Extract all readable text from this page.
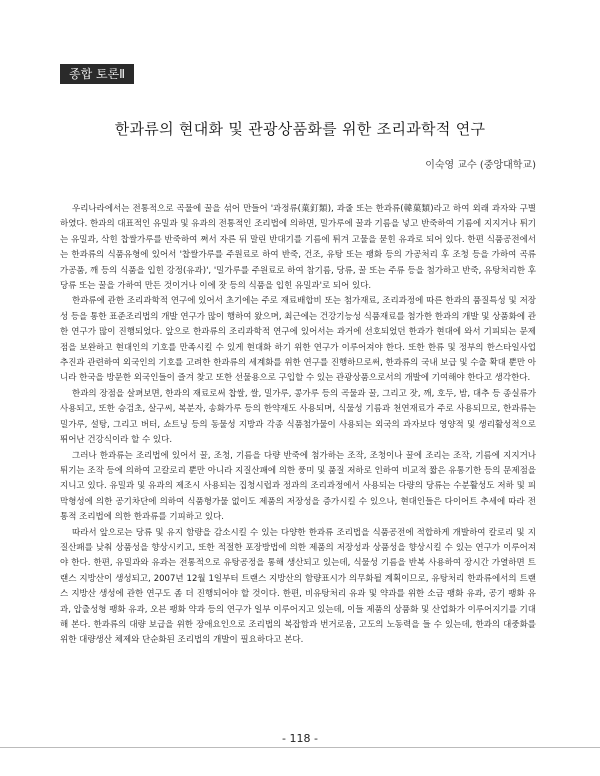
종합 토론Ⅱ
한과류의 현대화 및 관광상품화를 위한 조리과학적 연구
이숙영 교수 (중앙대학교)

우리나라에서는 전통적으로 곡물에 꿀을 섞어 만들어 '과정류(菓釘類), 과줄 또는 한과류(韓菓類)라고 하여 외래 과자와 구별하였다. 한과의 대표적인 유밀과 및 유과의 전통적인 조리법에 의하면, 밀가루에 꿀과 기름을 넣고 반죽하여 기름에 지지거나 튀기는 유밀과, 삭힌 찹쌀가루를 반죽하여 쪄서 자른 뒤 말린 반대기를 기름에 튀겨 고물을 묻힌 유과로 되어 있다. 한편 식품공전에서는 한과류의 식품유형에 있어서 '찹쌀가루를 주원료로 하여 반죽, 건조, 유탕 또는 팽화 등의 가공처리 후 조청 등을 가하여 곡류 가공품, 깨 등의 식품을 입힌 강정(유과)', '밀가루를 주원료로 하여 참기름, 당류, 꿀 또는 주류 등을 첨가하고 반죽, 유탕처리한 후 당류 또는 꿀을 가하여 만든 것이거나 이에 잣 등의 식품을 입힌 유밀과'로 되어 있다.

한과류에 관한 조리과학적 연구에 있어서 초기에는 주로 재료배합비 또는 첨가재료, 조리과정에 따른 한과의 품질특성 및 저장성 등을 통한 표준조리법의 개발 연구가 많이 행하여 왔으며, 최근에는 건강기능성 식품재료를 첨가한 한과의 개발 및 상품화에 관한 연구가 많이 진행되었다. 앞으로 한과류의 조리과학적 연구에 있어서는 과거에 선호되었던 한과가 현대에 와서 기피되는 문제점을 보완하고 현대인의 기호를 만족시킬 수 있게 현대화 하기 위한 연구가 이루어져야 한다. 또한 한류 및 정부의 한스타일사업 추진과 관련하여 외국인의 기호를 고려한 한과류의 세계화를 위한 연구를 진행하므로써, 한과류의 국내 보급 및 수출 확대 뿐만 아니라 한국을 방문한 외국인들이 즐겨 찾고 또한 선물용으로 구입할 수 있는 관광상품으로서의 개발에 기여해야 한다고 생각한다.

한과의 장점을 살펴보면, 한과의 재료로써 찹쌀, 쌀, 밀가루, 콩가루 등의 곡물과 꿀, 그리고 잣, 깨, 호두, 밤, 대추 등 종실류가 사용되고, 또한 승검초, 살구씨, 복분자, 송화가루 등의 한약재도 사용되며, 식물성 기름과 천연재료가 주로 사용되므로, 한과류는 밀가루, 설탕, 그리고 버터, 쇼트닝 등의 동물성 지방과 각종 식품첨가물이 사용되는 외국의 과자보다 영양적 및 생리활성적으로 뛰어난 건강식이라 할 수 있다.

그러나 한과류는 조리법에 있어서 꿀, 조청, 기름을 다량 반죽에 첨가하는 조작, 조청이나 꿀에 조리는 조작, 기름에 지지거나 튀기는 조작 등에 의하여 고칼로리 뿐만 아니라 지질산패에 의한 풍미 및 품질 저하로 인하여 비교적 짧은 유통기한 등의 문제점을 지니고 있다. 유밀과 및 유과의 제조시 사용되는 집청시럽과 정과의 조리과정에서 사용되는 다량의 당류는 수분활성도 저하 및 피막형성에 의한 공기차단에 의하여 식품형가물 없이도 제품의 저장성을 증가시킬 수 있으나, 현대인들은 다이어트 추세에 따라 전통적 조리법에 의한 한과류를 기피하고 있다.

따라서 앞으로는 당류 및 유지 함량을 감소시킬 수 있는 다양한 한과류 조리법을 식품공전에 적합하게 개발하여 칼로리 및 지질산패를 낮춰 상품성을 향상시키고, 또한 적절한 포장방법에 의한 제품의 저장성과 상품성을 향상시킬 수 있는 연구가 이루어져야 한다. 한편, 유밀과와 유과는 전통적으로 유탕공정을 통해 생산되고 있는데, 식물성 기름을 반복 사용하여 장시간 가열하면 트랜스 지방산이 생성되고, 2007년 12월 1일부터 트랜스 지방산의 함량표시가 의무화될 계획이므로, 유탕처리 한과류에서의 트랜스 지방산 생성에 관한 연구도 좀 더 진행되어야 할 것이다. 한편, 비유탕처리 유과 및 약과를 위한 소금 팽화 유과, 공기 팽화 유과, 압출성형 팽화 유과, 오븐 팽화 약과 등의 연구가 일부 이루어지고 있는데, 이들 제품의 상품화 및 산업화가 이루어지기를 기대해 본다. 한과류의 대량 보급을 위한 장애요인으로 조리법의 복잡함과 번거로움, 고도의 노동력을 들 수 있는데, 한과의 대중화를 위한 대량생산 체제와 단순화된 조리법의 개발이 필요하다고 본다.

- 118 -
